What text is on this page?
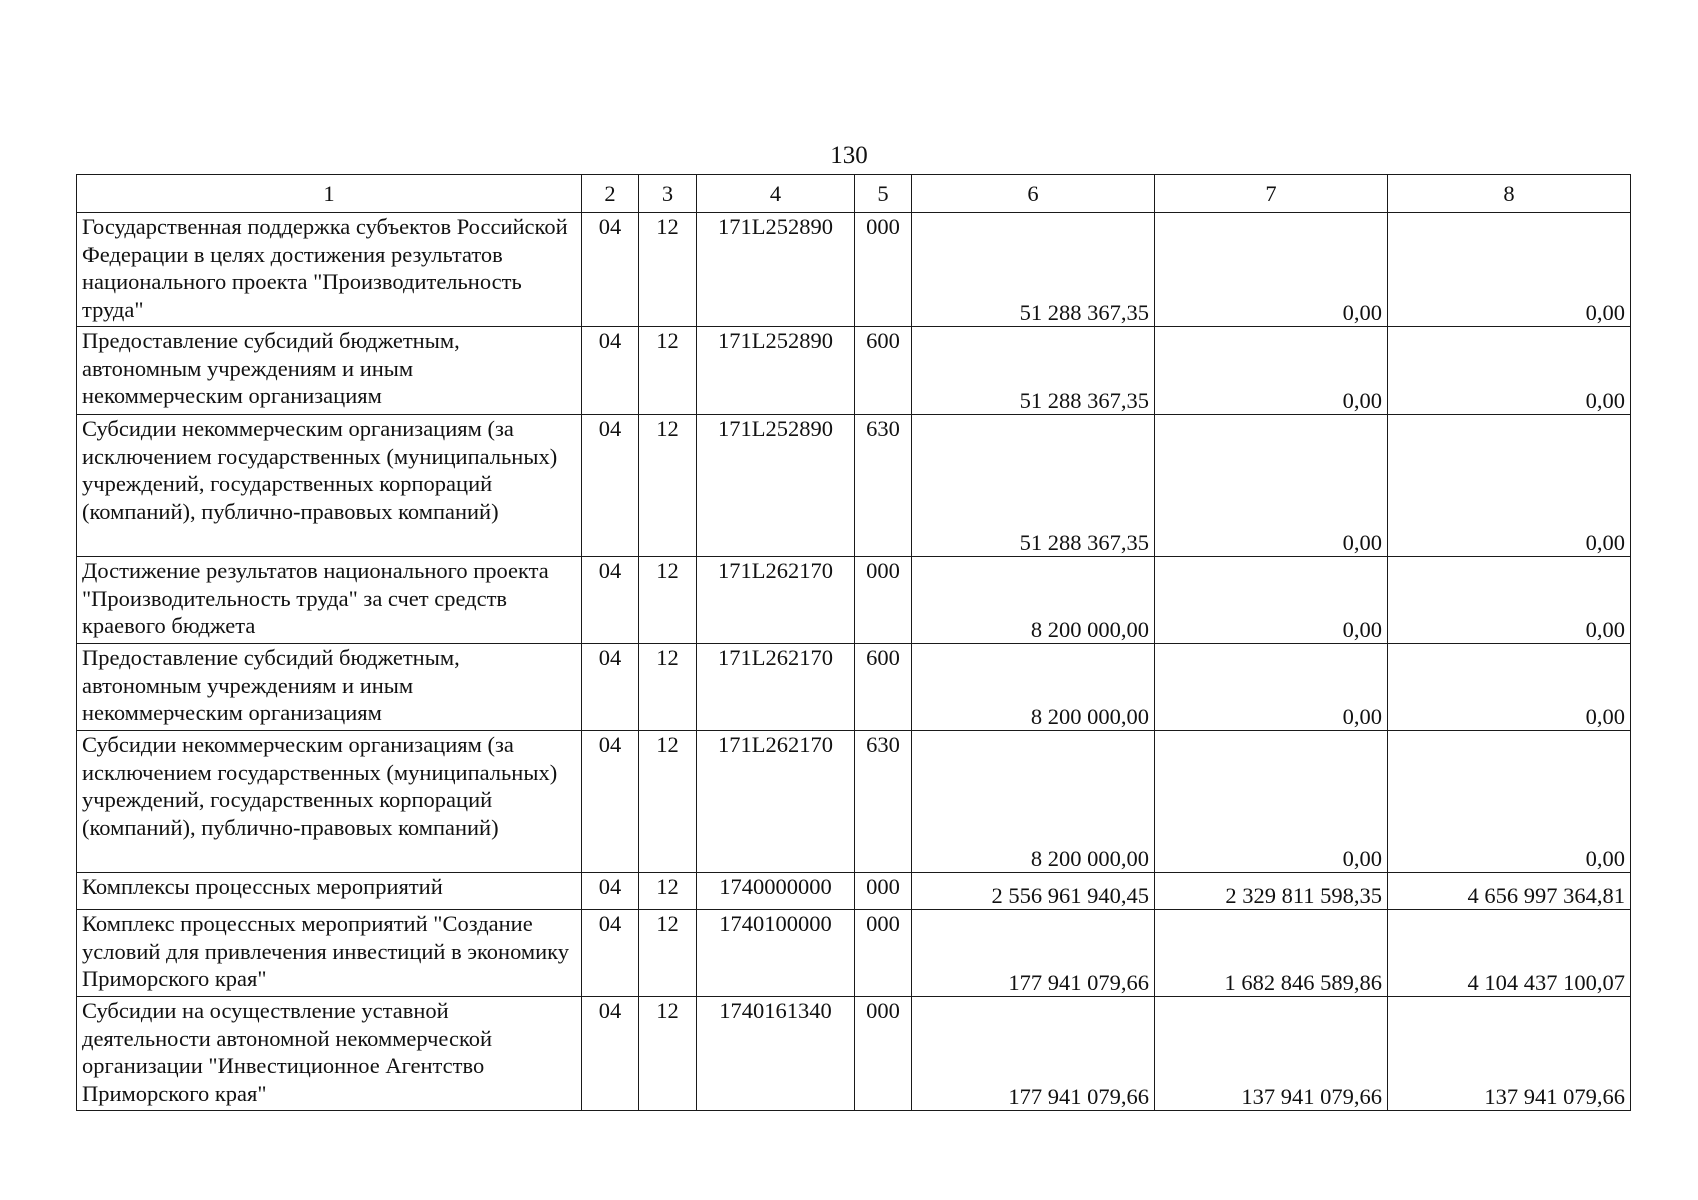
130
1	2	3	4	5	6	7	8
Государственная поддержка субъектов Российской Федерации в целях достижения результатов национального проекта "Производительность труда"	04	12	171L252890	000	51 288 367,35	0,00	0,00
Предоставление субсидий бюджетным, автономным учреждениям и иным некоммерческим организациям	04	12	171L252890	600	51 288 367,35	0,00	0,00
Субсидии некоммерческим организациям (за исключением государственных (муниципальных) учреждений, государственных корпораций (компаний), публично-правовых компаний)	04	12	171L252890	630	51 288 367,35	0,00	0,00
Достижение результатов национального проекта "Производительность труда" за счет средств краевого бюджета	04	12	171L262170	000	8 200 000,00	0,00	0,00
Предоставление субсидий бюджетным, автономным учреждениям и иным некоммерческим организациям	04	12	171L262170	600	8 200 000,00	0,00	0,00
Субсидии некоммерческим организациям (за исключением государственных (муниципальных) учреждений, государственных корпораций (компаний), публично-правовых компаний)	04	12	171L262170	630	8 200 000,00	0,00	0,00
Комплексы процессных мероприятий	04	12	1740000000	000	2 556 961 940,45	2 329 811 598,35	4 656 997 364,81
Комплекс процессных мероприятий "Создание условий для привлечения инвестиций в экономику Приморского края"	04	12	1740100000	000	177 941 079,66	1 682 846 589,86	4 104 437 100,07
Субсидии на осуществление уставной деятельности автономной некоммерческой организации "Инвестиционное Агентство Приморского края"	04	12	1740161340	000	177 941 079,66	137 941 079,66	137 941 079,66
